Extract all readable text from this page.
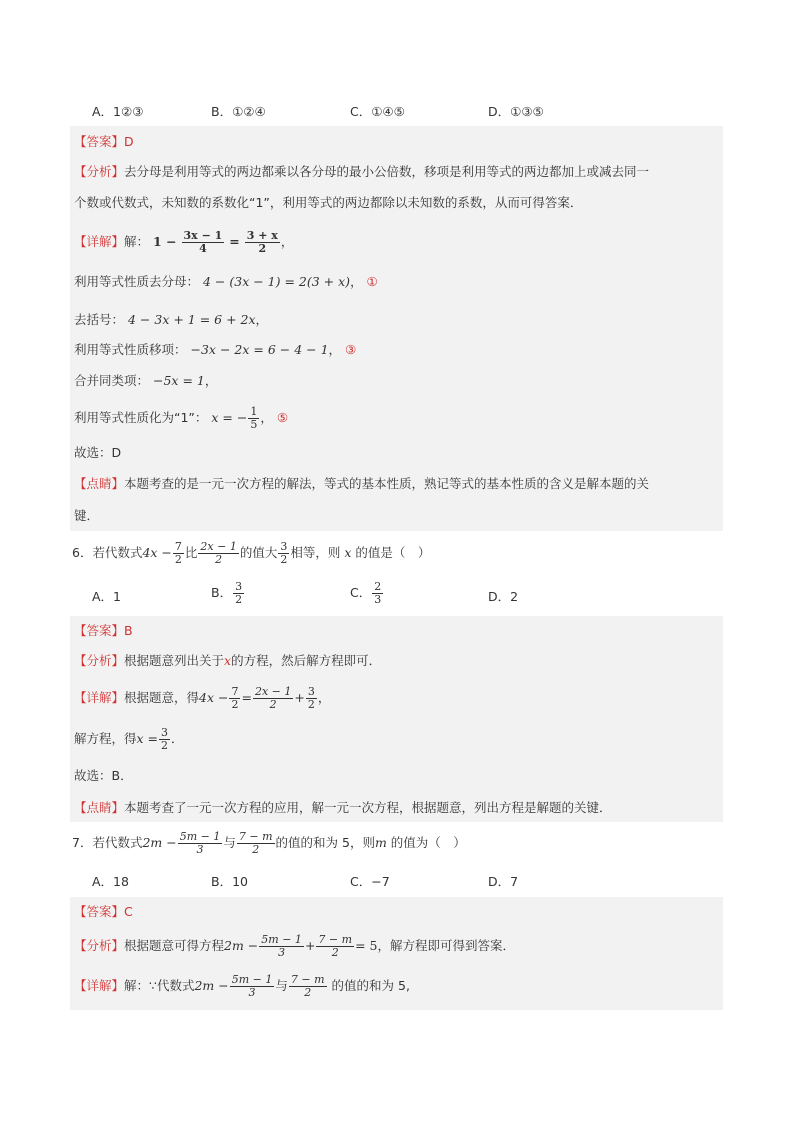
A．1②③	B．①②④	C．①④⑤	D．①③⑤
【答案】D
【分析】去分母是利用等式的两边都乘以各分母的最小公倍数，移项是利用等式的两边都加上或减去同一
个数或代数式，未知数的系数化“1”，利用等式的两边都除以未知数的系数，从而可得答案．
【详解】解： $1 - \frac{3x - 1}{4} = \frac{3 + x}{2}$ ，
利用等式性质去分母： 4 − (3x − 1) = 2(3 + x)， ①
去括号： 4 − 3x + 1 = 6 + 2x，
利用等式性质移项： −3x − 2x = 6 − 4 − 1， ③
合并同类项： −5x = 1，
利用等式性质化为“1”： x = − $\frac{1}{5}$ ， ⑤
故选：D
【点睛】本题考查的是一元一次方程的解法，等式的基本性质，熟记等式的基本性质的含义是解本题的关
键．
6．若代数式$4x - \frac{7}{2}$ 比 $\frac{2x - 1}{2}$ 的值大 $\frac{3}{2}$ 相等，则 x 的值是（　）
A．1	B． $\frac{3}{2}$	C． $\frac{2}{3}$	D．2
【答案】B
【分析】根据题意列出关于x的方程，然后解方程即可．
【详解】根据题意，得$4x - \frac{7}{2} = \frac{2x - 1}{2} + \frac{3}{2}$ ，
解方程，得$x = \frac{3}{2}$ ．
故选：B．
【点睛】本题考查了一元一次方程的应用，解一元一次方程，根据题意，列出方程是解题的关键．
7．若代数式$2m - \frac{5m - 1}{3}$ 与 $\frac{7 - m}{2}$ 的值的和为 5，则m 的值为（　）
A．18	B．10	C．−7	D．7
【答案】C
【分析】根据题意可得方程$2m - \frac{5m - 1}{3} + \frac{7 - m}{2} = 5$，解方程即可得到答案．
【详解】解：∵代数式$2m - \frac{5m - 1}{3}$ 与 $\frac{7 - m}{2}$ 的值的和为 5,
